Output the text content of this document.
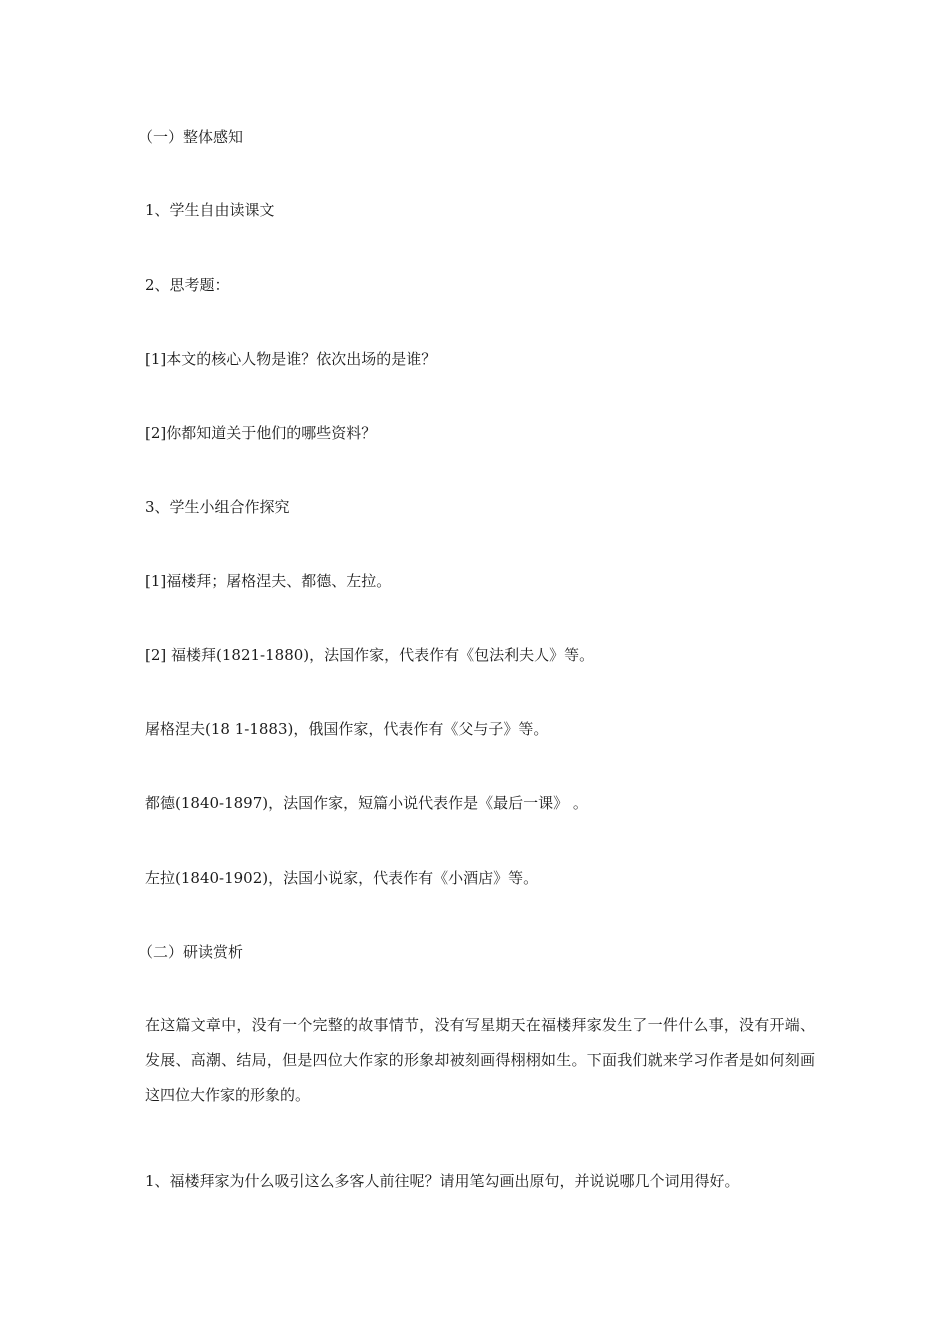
（一）整体感知
1、学生自由读课文
2、思考题：
[1]本文的核心人物是谁？依次出场的是谁？
[2]你都知道关于他们的哪些资料？
3、学生小组合作探究
[1]福楼拜；屠格涅夫、都德、左拉。
[2] 福楼拜(1821-1880)，法国作家，代表作有《包法利夫人》等。
屠格涅夫(18 1-1883)，俄国作家，代表作有《父与子》等。
都德(1840-1897)，法国作家，短篇小说代表作是《最后一课》 。
左拉(1840-1902)，法国小说家，代表作有《小酒店》等。
（二）研读赏析
在这篇文章中，没有一个完整的故事情节，没有写星期天在福楼拜家发生了一件什么事，没有开端、发展、高潮、结局，但是四位大作家的形象却被刻画得栩栩如生。下面我们就来学习作者是如何刻画这四位大作家的形象的。
1、福楼拜家为什么吸引这么多客人前往呢？请用笔勾画出原句，并说说哪几个词用得好。
